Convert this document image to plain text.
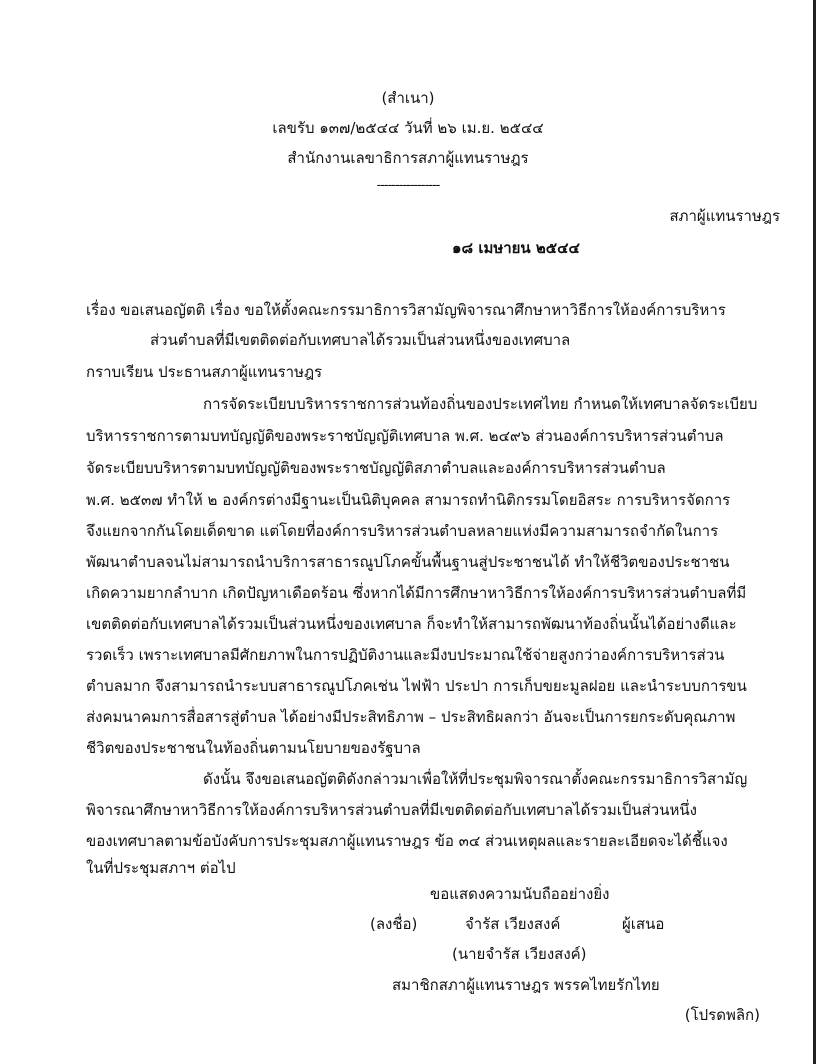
(สำเนา)
เลขรับ ๑๓๗/๒๕๔๔ วันที่ ๒๖ เม.ย. ๒๕๔๔
สำนักงานเลขาธิการสภาผู้แทนราษฎร
-----------------
สภาผู้แทนราษฎร
๑๘ เมษายน ๒๕๔๔
เรื่อง ขอเสนอญัตติ เรื่อง ขอให้ตั้งคณะกรรมาธิการวิสามัญพิจารณาศึกษาหาวิธีการให้องค์การบริหาร
ส่วนตำบลที่มีเขตติดต่อกับเทศบาลได้รวมเป็นส่วนหนึ่งของเทศบาล
กราบเรียน ประธานสภาผู้แทนราษฎร
การจัดระเบียบบริหารราชการส่วนท้องถิ่นของประเทศไทย กำหนดให้เทศบาลจัดระเบียบ
บริหารราชการตามบทบัญญัติของพระราชบัญญัติเทศบาล พ.ศ. ๒๔๙๖ ส่วนองค์การบริหารส่วนตำบล
จัดระเบียบบริหารตามบทบัญญัติของพระราชบัญญัติสภาตำบลและองค์การบริหารส่วนตำบล
พ.ศ. ๒๕๓๗ ทำให้ ๒ องค์กรต่างมีฐานะเป็นนิติบุคคล สามารถทำนิติกรรมโดยอิสระ การบริหารจัดการ
จึงแยกจากกันโดยเด็ดขาด แต่โดยที่องค์การบริหารส่วนตำบลหลายแห่งมีความสามารถจำกัดในการ
พัฒนาตำบลจนไม่สามารถนำบริการสาธารณูปโภคขั้นพื้นฐานสู่ประชาชนได้ ทำให้ชีวิตของประชาชน
เกิดความยากลำบาก เกิดปัญหาเดือดร้อน ซึ่งหากได้มีการศึกษาหาวิธีการให้องค์การบริหารส่วนตำบลที่มี
เขตติดต่อกับเทศบาลได้รวมเป็นส่วนหนึ่งของเทศบาล ก็จะทำให้สามารถพัฒนาท้องถิ่นนั้นได้อย่างดีและ
รวดเร็ว เพราะเทศบาลมีศักยภาพในการปฏิบัติงานและมีงบประมาณใช้จ่ายสูงกว่าองค์การบริหารส่วน
ตำบลมาก จึงสามารถนำระบบสาธารณูปโภคเช่น ไฟฟ้า ประปา การเก็บขยะมูลฝอย และนำระบบการขน
ส่งคมนาคมการสื่อสารสู่ตำบล ได้อย่างมีประสิทธิภาพ – ประสิทธิผลกว่า อันจะเป็นการยกระดับคุณภาพ
ชีวิตของประชาชนในท้องถิ่นตามนโยบายของรัฐบาล
ดังนั้น จึงขอเสนอญัตติดังกล่าวมาเพื่อให้ที่ประชุมพิจารณาตั้งคณะกรรมาธิการวิสามัญ
พิจารณาศึกษาหาวิธีการให้องค์การบริหารส่วนตำบลที่มีเขตติดต่อกับเทศบาลได้รวมเป็นส่วนหนึ่ง
ของเทศบาลตามข้อบังคับการประชุมสภาผู้แทนราษฎร ข้อ ๓๔ ส่วนเหตุผลและรายละเอียดจะได้ชี้แจง
ในที่ประชุมสภาฯ ต่อไป
ขอแสดงความนับถืออย่างยิ่ง
(ลงชื่อ)	จำรัส เวียงสงค์	ผู้เสนอ
(นายจำรัส เวียงสงค์)
สมาชิกสภาผู้แทนราษฎร พรรคไทยรักไทย
(โปรดพลิก)
